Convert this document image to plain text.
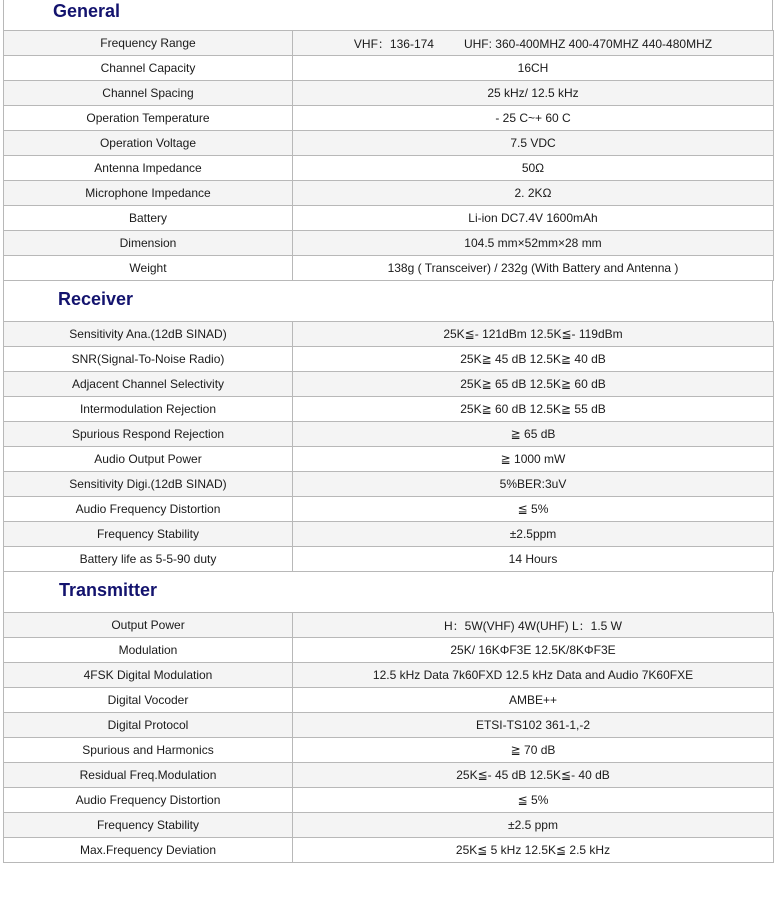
General
Frequency Range	VHF：136-174         UHF: 360-400MHZ 400-470MHZ 440-480MHZ
Channel Capacity	16CH
Channel Spacing	25 kHz/ 12.5 kHz
Operation Temperature	- 25 C~+ 60 C
Operation Voltage	7.5 VDC
Antenna Impedance	50Ω
Microphone Impedance	2. 2KΩ
Battery	Li-ion DC7.4V 1600mAh
Dimension	104.5 mm×52mm×28 mm
Weight	138g ( Transceiver) / 232g (With Battery and Antenna )
Receiver
Sensitivity Ana.(12dB SINAD)	25K≦- 121dBm 12.5K≦- 119dBm
SNR(Signal-To-Noise Radio)	25K≧ 45 dB 12.5K≧ 40 dB
Adjacent Channel Selectivity	25K≧ 65 dB 12.5K≧ 60 dB
Intermodulation Rejection	25K≧ 60 dB 12.5K≧ 55 dB
Spurious Respond Rejection	≧ 65 dB
Audio Output Power	≧ 1000 mW
Sensitivity Digi.(12dB SINAD)	5%BER:3uV
Audio Frequency Distortion	≦ 5%
Frequency Stability	±2.5ppm
Battery life as 5-5-90 duty	14 Hours
Transmitter
Output Power	H：5W(VHF) 4W(UHF) L：1.5 W
Modulation	25K/ 16KΦF3E 12.5K/8KΦF3E
4FSK Digital Modulation	12.5 kHz Data 7k60FXD 12.5 kHz Data and Audio 7K60FXE
Digital Vocoder	AMBE++
Digital Protocol	ETSI-TS102 361-1,-2
Spurious and Harmonics	≧ 70 dB
Residual Freq.Modulation	25K≦- 45 dB 12.5K≦- 40 dB
Audio Frequency Distortion	≦ 5%
Frequency Stability	±2.5 ppm
Max.Frequency Deviation	25K≦ 5 kHz 12.5K≦ 2.5 kHz
